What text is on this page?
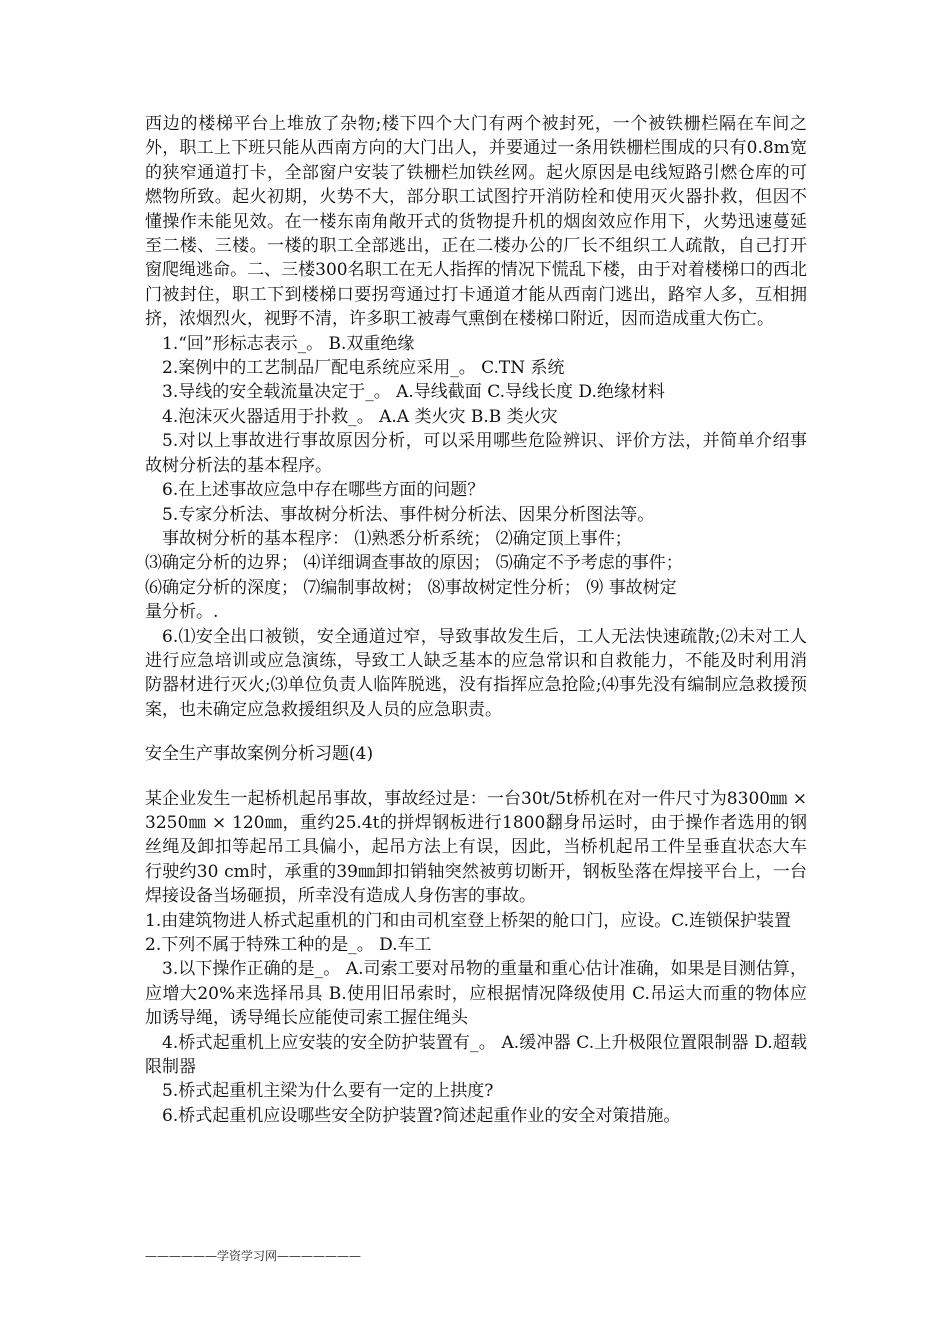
西边的楼梯平台上堆放了杂物;楼下四个大门有两个被封死，一个被铁栅栏隔在车间之外，职工上下班只能从西南方向的大门出人，并要通过一条用铁栅栏围成的只有0.8m宽的狭窄通道打卡，全部窗户安装了铁栅栏加铁丝网。起火原因是电线短路引燃仓库的可燃物所致。起火初期，火势不大，部分职工试图拧开消防栓和使用灭火器扑救，但因不懂操作未能见效。在一楼东南角敞开式的货物提升机的烟囱效应作用下，火势迅速蔓延至二楼、三楼。一楼的职工全部逃出，正在二楼办公的厂长不组织工人疏散，自己打开窗爬绳逃命。二、三楼300名职工在无人指挥的情况下慌乱下楼，由于对着楼梯口的西北门被封住，职工下到楼梯口要拐弯通过打卡通道才能从西南门逃出，路窄人多，互相拥挤，浓烟烈火，视野不清，许多职工被毒气熏倒在楼梯口附近，因而造成重大伤亡。

1.“回”形标志表示_。 B.双重绝缘

2.案例中的工艺制品厂配电系统应采用_。 C.TN 系统

3.导线的安全载流量决定于_。 A.导线截面 C.导线长度 D.绝缘材料

4.泡沫灭火器适用于扑救_。 A.A 类火灾 B.B 类火灾

5.对以上事故进行事故原因分析，可以采用哪些危险辨识、评价方法，并简单介绍事故树分析法的基本程序。

6.在上述事故应急中存在哪些方面的问题？

5.专家分析法、事故树分析法、事件树分析法、因果分析图法等。

事故树分析的基本程序： ⑴熟悉分析系统； ⑵确定顶上事件；

⑶确定分析的边界； ⑷详细调查事故的原因； ⑸确定不予考虑的事件；

⑹确定分析的深度； ⑺编制事故树； ⑻事故树定性分析； ⑼ 事故树定

量分析。.

6.⑴安全出口被锁，安全通道过窄，导致事故发生后，工人无法快速疏散;⑵未对工人进行应急培训或应急演练，导致工人缺乏基本的应急常识和自救能力，不能及时利用消防器材进行灭火;⑶单位负责人临阵脱逃，没有指挥应急抢险;⑷事先没有编制应急救援预案，也未确定应急救援组织及人员的应急职责。

安全生产事故案例分析习题(4)

某企业发生一起桥机起吊事故，事故经过是：一台30t/5t桥机在对一件尺寸为8300㎜ ×3250㎜ × 120㎜，重约25.4t的拼焊钢板进行1800翻身吊运时，由于操作者选用的钢丝绳及卸扣等起吊工具偏小，起吊方法上有误，因此，当桥机起吊工件呈垂直状态大车行驶约30 cm时，承重的39㎜卸扣销轴突然被剪切断开，钢板坠落在焊接平台上，一台焊接设备当场砸损，所幸没有造成人身伤害的事故。

1.由建筑物进人桥式起重机的门和由司机室登上桥架的舱口门，应设。C.连锁保护装置

2.下列不属于特殊工种的是_。 D.车工

3.以下操作正确的是_。 A.司索工要对吊物的重量和重心估计准确，如果是目测估算，应增大20%来选择吊具 B.使用旧吊索时，应根据情况降级使用 C.吊运大而重的物体应加诱导绳，诱导绳长应能使司索工握住绳头

4.桥式起重机上应安装的安全防护装置有_。 A.缓冲器 C.上升极限位置限制器 D.超载限制器

5.桥式起重机主梁为什么要有一定的上拱度?

6.桥式起重机应设哪些安全防护装置?简述起重作业的安全对策措施。

——————学资学习网———————
